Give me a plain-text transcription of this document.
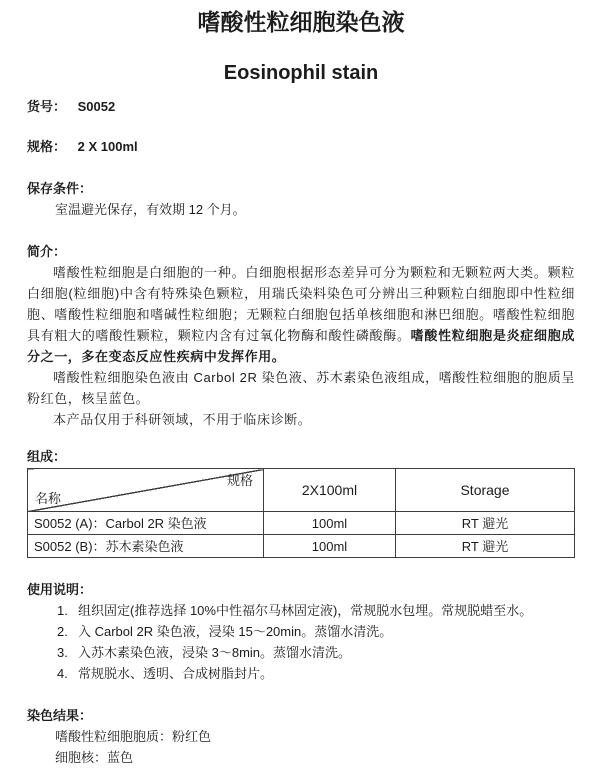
嗜酸性粒细胞染色液
Eosinophil stain
货号： S0052
规格： 2 X 100ml
保存条件：
室温避光保存，有效期 12 个月。
简介：

嗜酸性粒细胞是白细胞的一种。白细胞根据形态差异可分为颗粒和无颗粒两大类。颗粒白细胞(粒细胞)中含有特殊染色颗粒，用瑞氏染料染色可分辨出三种颗粒白细胞即中性粒细胞、嗜酸性粒细胞和嗜碱性粒细胞；无颗粒白细胞包括单核细胞和淋巴细胞。嗜酸性粒细胞具有粗大的嗜酸性颗粒，颗粒内含有过氧化物酶和酸性磷酸酶。嗜酸性粒细胞是炎症细胞成分之一，多在变态反应性疾病中发挥作用。

嗜酸性粒细胞染色液由 Carbol 2R 染色液、苏木素染色液组成，嗜酸性粒细胞的胞质呈粉红色，核呈蓝色。

本产品仅用于科研领域，不用于临床诊断。

组成：
规格
名称	2X100ml	Storage
S0052 (A)：Carbol 2R 染色液	100ml	RT 避光
S0052 (B)：苏木素染色液	100ml	RT 避光
使用说明：
1. 组织固定(推荐选择 10%中性福尔马林固定液)，常规脱水包埋。常规脱蜡至水。
2. 入 Carbol 2R 染色液，浸染 15～20min。蒸馏水清洗。
3. 入苏木素染色液，浸染 3～8min。蒸馏水清洗。
4. 常规脱水、透明、合成树脂封片。
染色结果：
嗜酸性粒细胞胞质：粉红色
细胞核：蓝色
